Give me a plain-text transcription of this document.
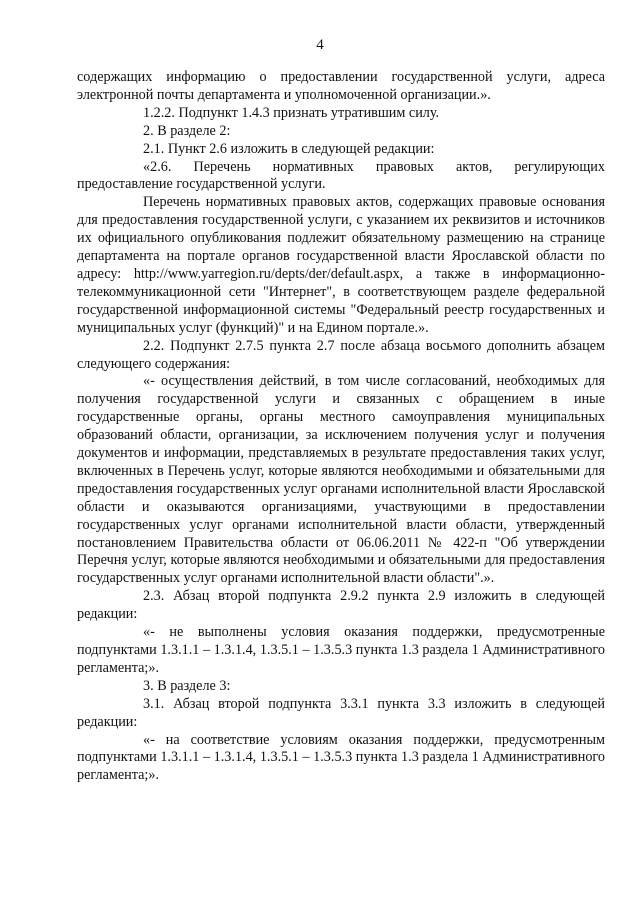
4

содержащих информацию о предоставлении государственной услуги, адреса электронной почты департамента и уполномоченной организации.».

1.2.2. Подпункт 1.4.3 признать утратившим силу.

2. В разделе 2:

2.1. Пункт 2.6 изложить в следующей редакции:

«2.6. Перечень нормативных правовых актов, регулирующих предоставление государственной услуги.

Перечень нормативных правовых актов, содержащих правовые основания для предоставления государственной услуги, с указанием их реквизитов и источников их официального опубликования подлежит обязательному размещению на странице департамента на портале органов государственной власти Ярославской области по адресу: http://www.yarregion.ru/depts/der/default.aspx, а также в информационно-телекоммуникационной сети "Интернет", в соответствующем разделе федеральной государственной информационной системы "Федеральный реестр государственных и муниципальных услуг (функций)" и на Едином портале.».

2.2. Подпункт 2.7.5 пункта 2.7 после абзаца восьмого дополнить абзацем следующего содержания:

«- осуществления действий, в том числе согласований, необходимых для получения государственной услуги и связанных с обращением в иные государственные органы, органы местного самоуправления муниципальных образований области, организации, за исключением получения услуг и получения документов и информации, представляемых в результате предоставления таких услуг, включенных в Перечень услуг, которые являются необходимыми и обязательными для предоставления государственных услуг органами исполнительной власти Ярославской области и оказываются организациями, участвующими в предоставлении государственных услуг органами исполнительной власти области, утвержденный постановлением Правительства области от 06.06.2011 № 422-п "Об утверждении Перечня услуг, которые являются необходимыми и обязательными для предоставления государственных услуг органами исполнительной власти области".».

2.3. Абзац второй подпункта 2.9.2 пункта 2.9 изложить в следующей редакции:

«- не выполнены условия оказания поддержки, предусмотренные подпунктами 1.3.1.1 – 1.3.1.4, 1.3.5.1 – 1.3.5.3 пункта 1.3 раздела 1 Административного регламента;».

3. В разделе 3:

3.1. Абзац второй подпункта 3.3.1 пункта 3.3 изложить в следующей редакции:

«- на соответствие условиям оказания поддержки, предусмотренным подпунктами 1.3.1.1 – 1.3.1.4, 1.3.5.1 – 1.3.5.3 пункта 1.3 раздела 1 Административного регламента;».
